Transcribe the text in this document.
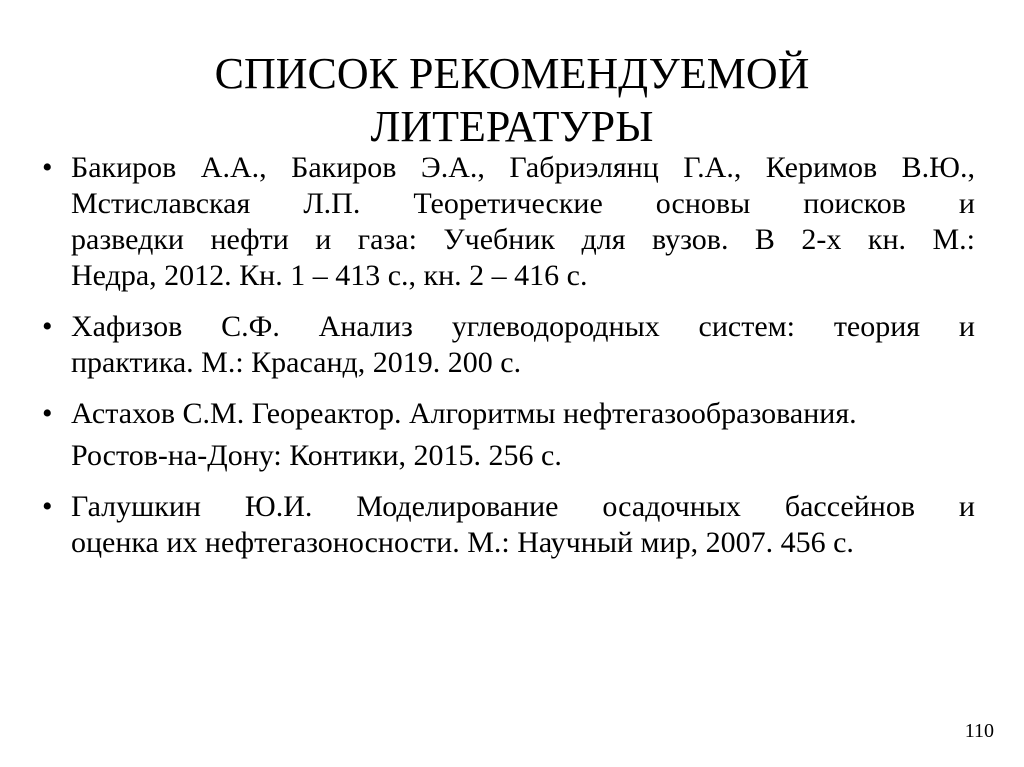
СПИСОК РЕКОМЕНДУЕМОЙ
ЛИТЕРАТУРЫ
• Бакиров А.А., Бакиров Э.А., Габриэлянц Г.А., Керимов В.Ю.,
Мстиславская Л.П. Теоретические основы поисков и
разведки нефти и газа: Учебник для вузов. В 2-х кн. М.:
Недра, 2012. Кн. 1 – 413 с., кн. 2 – 416 с.
• Хафизов С.Ф. Анализ углеводородных систем: теория и
практика. М.: Красанд, 2019. 200 с.
• Астахов С.М. Геореактор. Алгоритмы нефтегазообразования.
Ростов-на-Дону: Контики, 2015. 256 с.
• Галушкин Ю.И. Моделирование осадочных бассейнов и
оценка их нефтегазоносности. М.: Научный мир, 2007. 456 с.
110
